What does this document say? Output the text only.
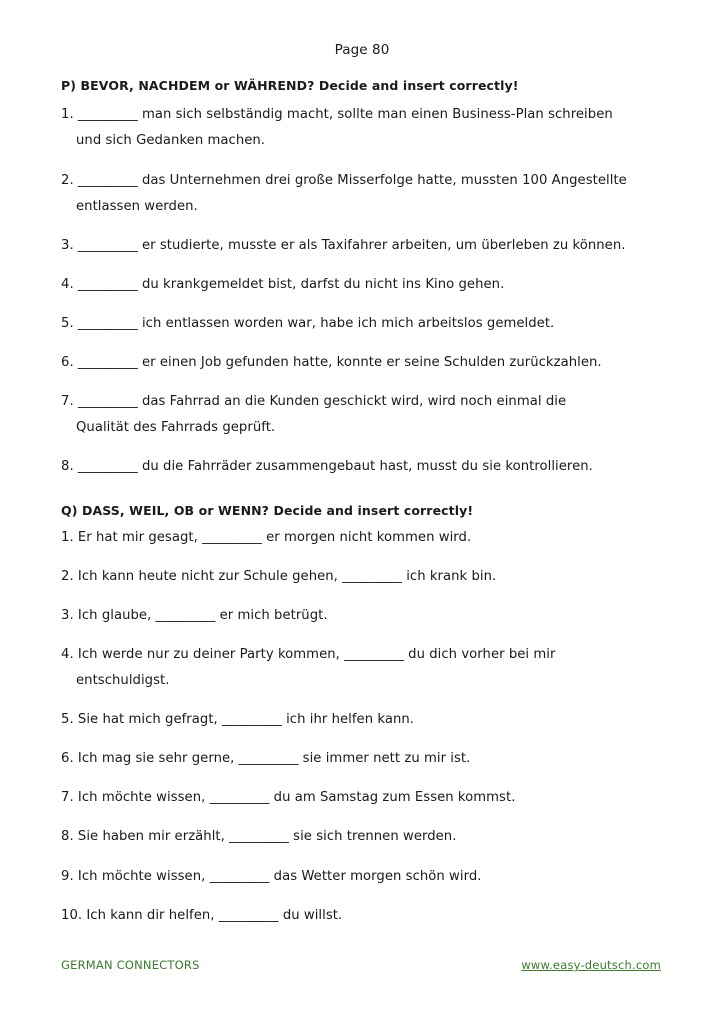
Page 80
P) BEVOR, NACHDEM or WÄHREND? Decide and insert correctly!
1. _________ man sich selbständig macht, sollte man einen Business-Plan schreiben
und sich Gedanken machen.
2. _________ das Unternehmen drei große Misserfolge hatte, mussten 100 Angestellte
entlassen werden.
3. _________ er studierte, musste er als Taxifahrer arbeiten, um überleben zu können.
4. _________ du krankgemeldet bist, darfst du nicht ins Kino gehen.
5. _________ ich entlassen worden war, habe ich mich arbeitslos gemeldet.
6. _________ er einen Job gefunden hatte, konnte er seine Schulden zurückzahlen.
7. _________ das Fahrrad an die Kunden geschickt wird, wird noch einmal die
Qualität des Fahrrads geprüft.
8. _________ du die Fahrräder zusammengebaut hast, musst du sie kontrollieren.
Q) DASS, WEIL, OB or WENN? Decide and insert correctly!
1. Er hat mir gesagt, _________ er morgen nicht kommen wird.
2. Ich kann heute nicht zur Schule gehen, _________ ich krank bin.
3. Ich glaube, _________ er mich betrügt.
4. Ich werde nur zu deiner Party kommen, _________ du dich vorher bei mir
entschuldigst.
5. Sie hat mich gefragt, _________ ich ihr helfen kann.
6. Ich mag sie sehr gerne, _________ sie immer nett zu mir ist.
7. Ich möchte wissen, _________ du am Samstag zum Essen kommst.
8. Sie haben mir erzählt, _________ sie sich trennen werden.
9. Ich möchte wissen, _________ das Wetter morgen schön wird.
10. Ich kann dir helfen, _________ du willst.
GERMAN CONNECTORS	www.easy-deutsch.com
